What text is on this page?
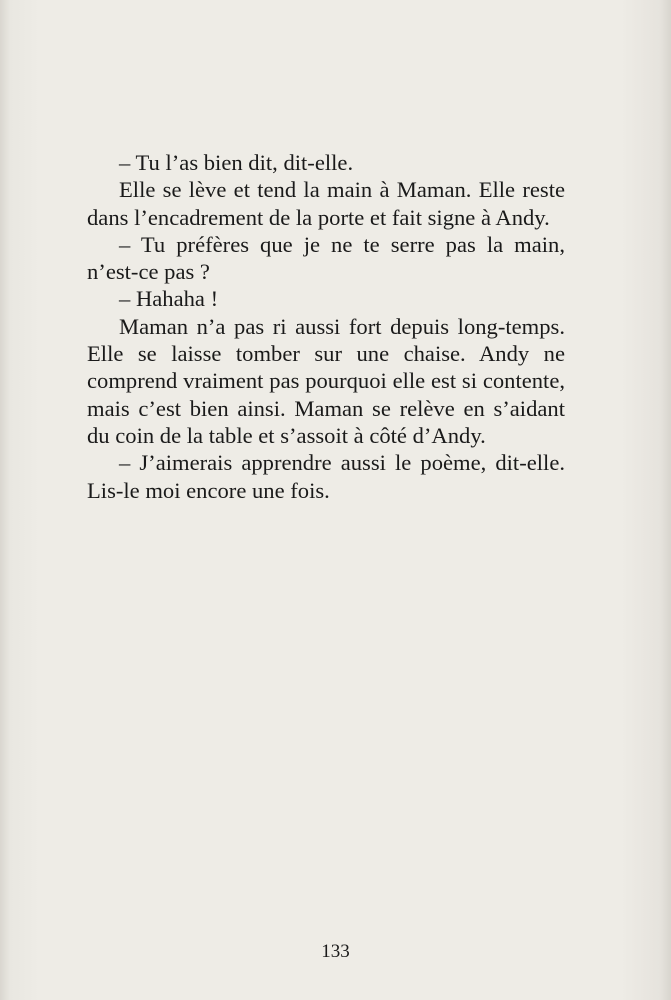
– Tu l’as bien dit, dit-elle.

Elle se lève et tend la main à Maman. Elle reste dans l’encadrement de la porte et fait signe à Andy.

– Tu préfères que je ne te serre pas la main, n’est-ce pas ?

– Hahaha !

Maman n’a pas ri aussi fort depuis long-temps. Elle se laisse tomber sur une chaise. Andy ne comprend vraiment pas pourquoi elle est si contente, mais c’est bien ainsi. Maman se relève en s’aidant du coin de la table et s’assoit à côté d’Andy.

– J’aimerais apprendre aussi le poème, dit-elle. Lis-le moi encore une fois.

133
